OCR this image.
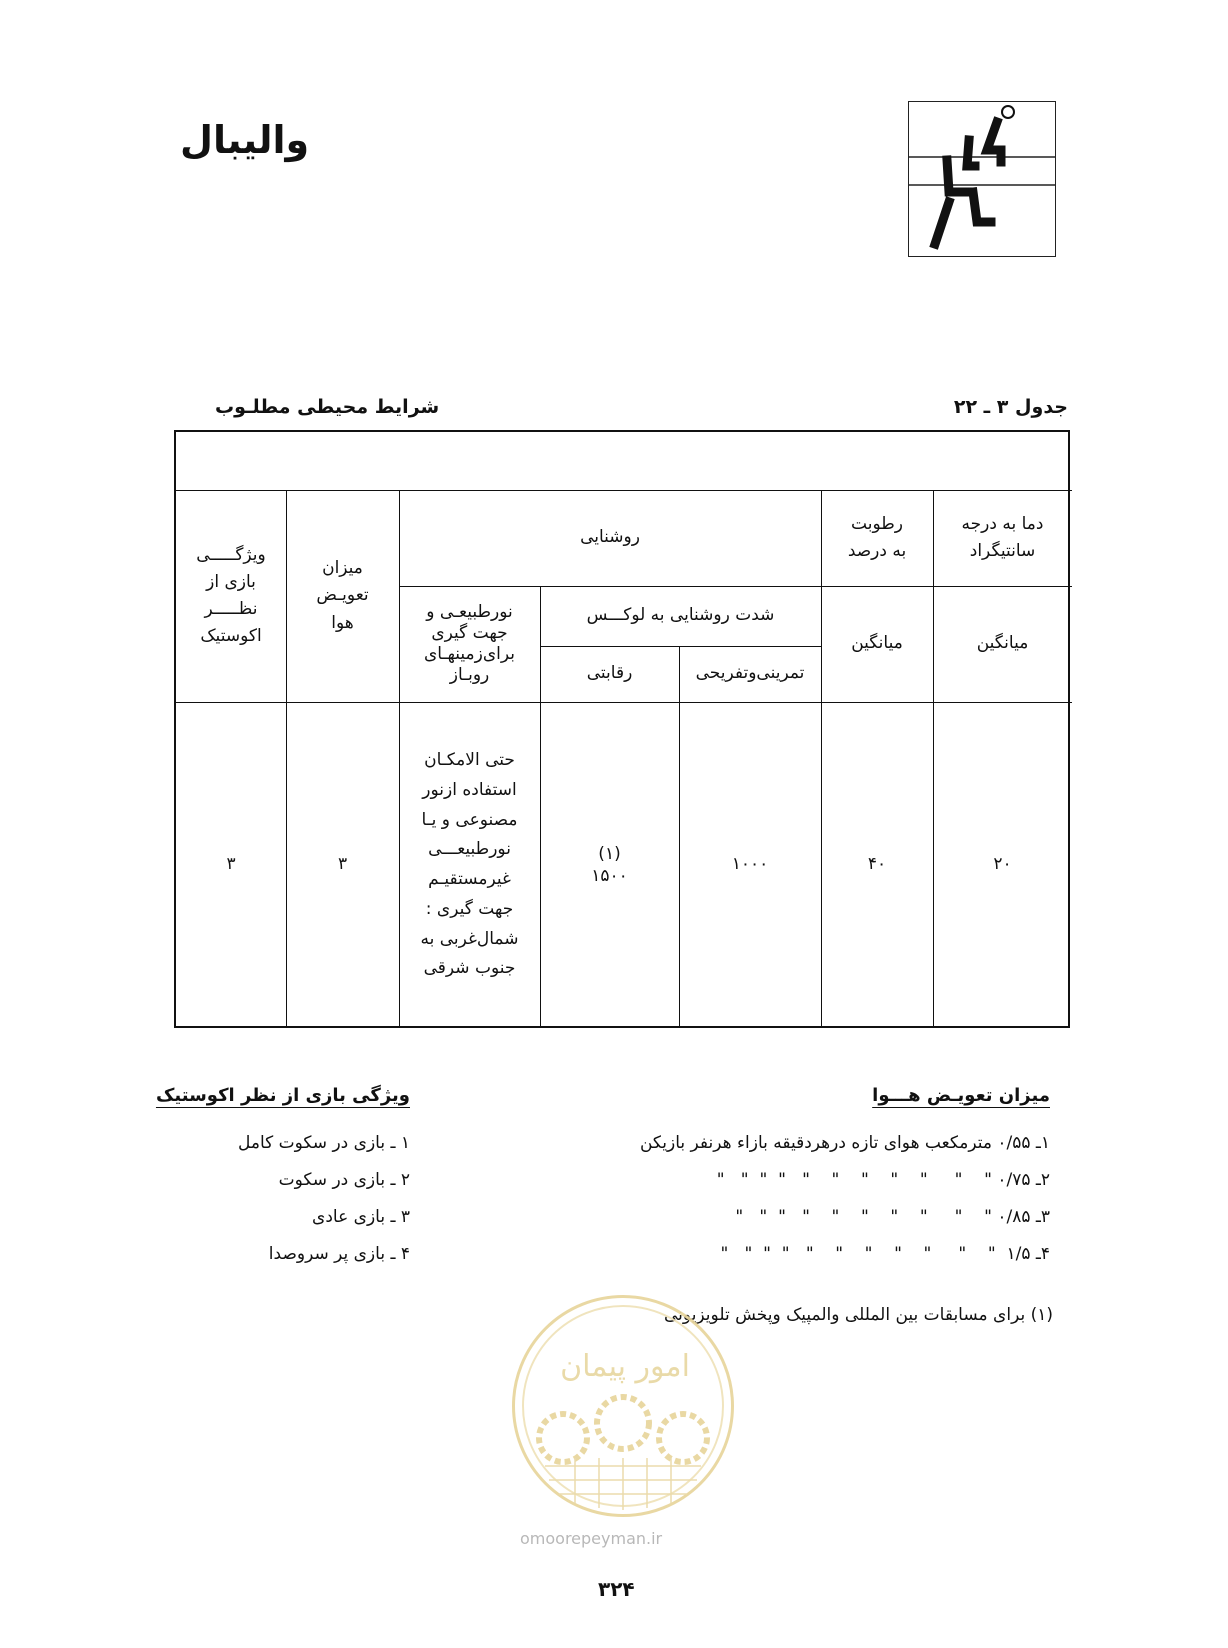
والیبال
جدول ۳ ـ ۲۲
شرایط محیطی مطلـوب
دما به درجه
سانتیگراد
رطوبت
به درصد
روشنایی
میزان
تعویـض
هوا
ویژگـــــی
بازی از
نظـــــر
اکوستیک	میانگین
میانگین
شدت روشنایی به لوکـــس
تمرینی‌وتفریحی
رقابتی
نورطبیعـی و
جهت گیری
برای‌زمینهـای
روبـاز
۲۰
۴۰
۱۰۰۰
(۱)
۱۵۰۰
حتی الامکـان
استفاده ازنور
مصنوعی و یـا
نورطبیعـــی
غیرمستقیـم
جهت گیری :
شمال‌غربی به
جنوب شرقی
۳
۳
میزان تعویـض هـــوا
۱ـ ۰/۵۵ مترمکعب هوای تازه درهردقیقه بازاء هرنفر بازیکن
۲ـ ۰/۷۵ "    "     "    "    "    "    "   "  "  "   "
۳ـ ۰/۸۵ "    "     "    "    "    "    "   "  "   "
۴ـ ۱/۵  "    "     "    "    "    "    "   "  "  "   "
ویژگی بازی از نظر اکوستیک
۱ ـ بازی در سکوت کامل
۲ ـ بازی در سکوت
۳ ـ بازی عادی
۴ ـ بازی پر سروصدا
(۱) برای مسابقات بین المللی والمپیک وپخش تلویزیونی
امور پیمان
omoorepeyman.ir
۳۲۴
